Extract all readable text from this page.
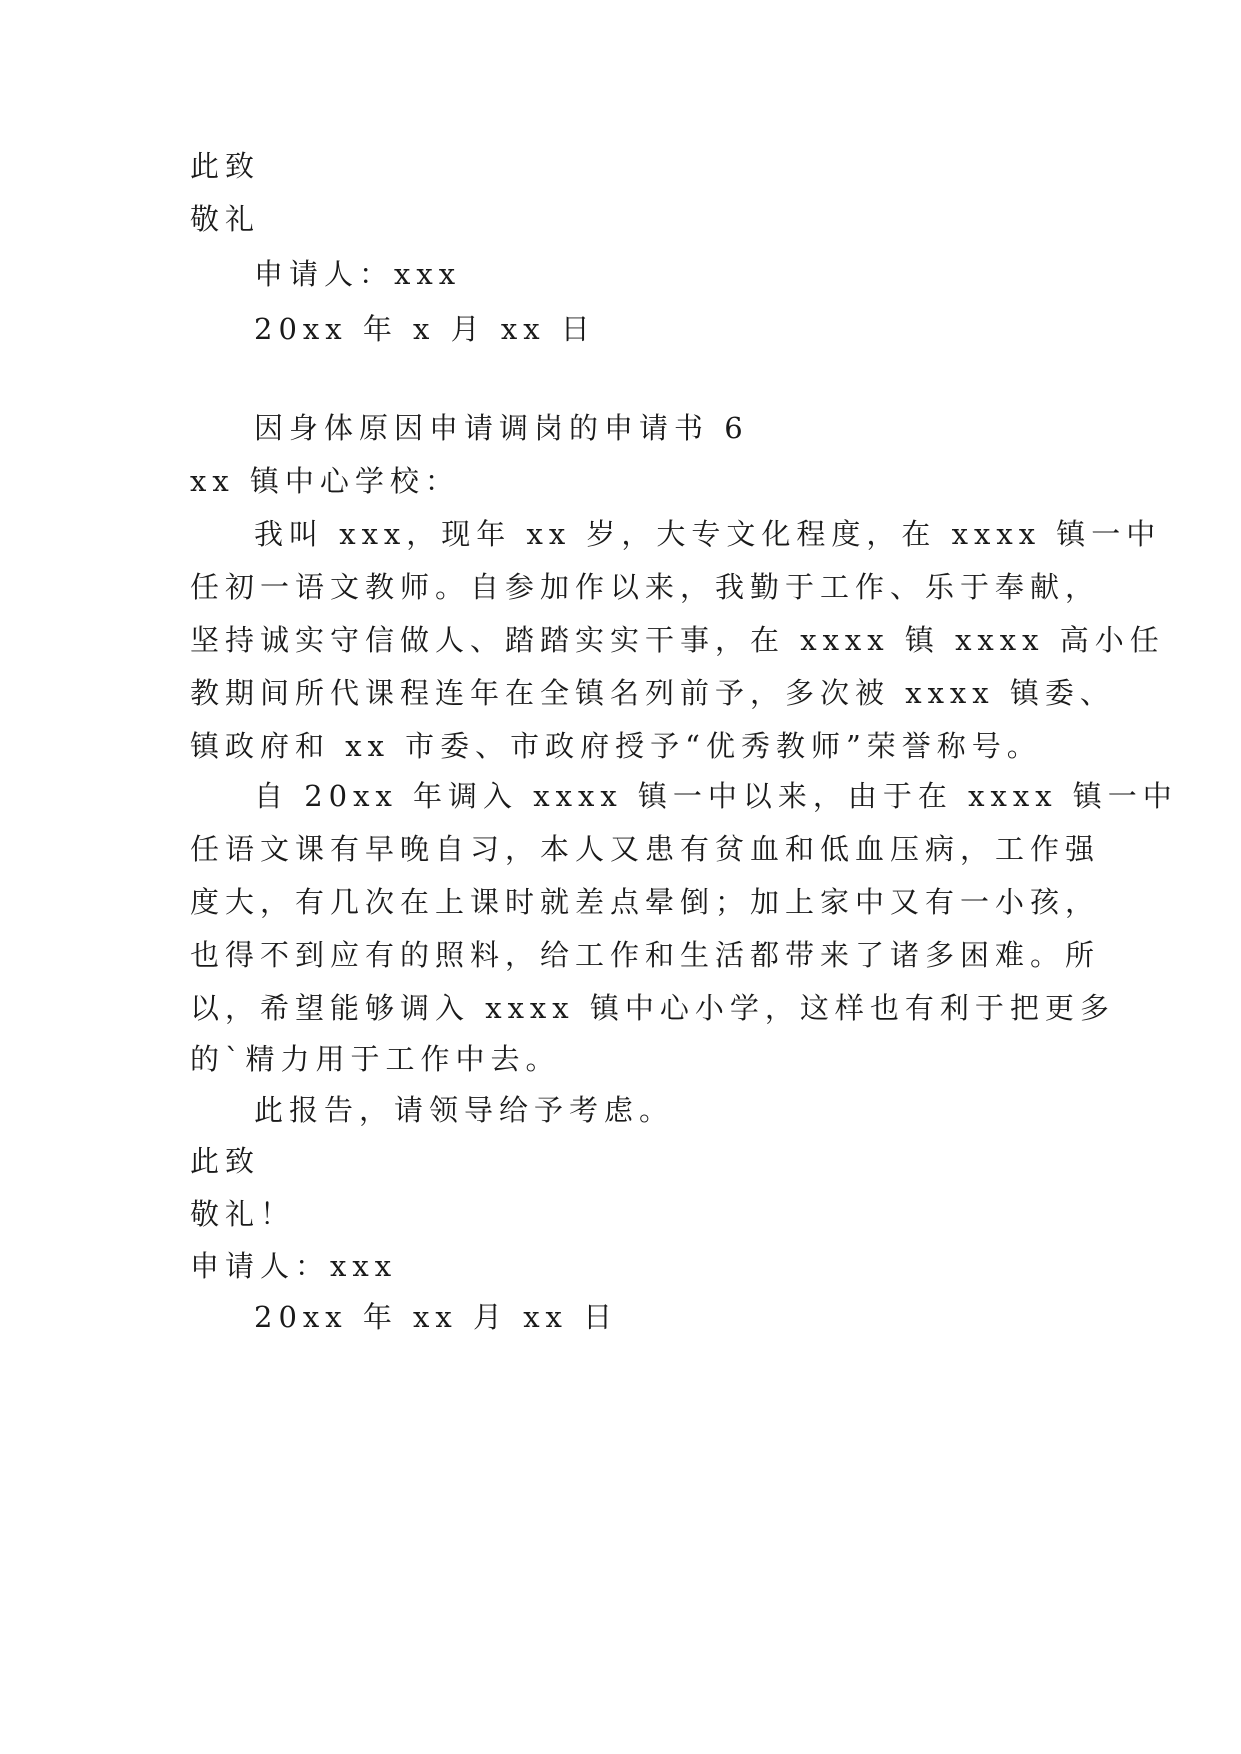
此致
敬礼
申请人：xxx
20xx 年 x 月 xx 日
因身体原因申请调岗的申请书 6
xx 镇中心学校：
我叫 xxx，现年 xx 岁，大专文化程度，在 xxxx 镇一中
任初一语文教师。自参加作以来，我勤于工作、乐于奉献，
坚持诚实守信做人、踏踏实实干事，在 xxxx 镇 xxxx 高小任
教期间所代课程连年在全镇名列前予，多次被 xxxx 镇委、
镇政府和 xx 市委、市政府授予“优秀教师”荣誉称号。
自 20xx 年调入 xxxx 镇一中以来，由于在 xxxx 镇一中
任语文课有早晚自习，本人又患有贫血和低血压病，工作强
度大，有几次在上课时就差点晕倒；加上家中又有一小孩，
也得不到应有的照料，给工作和生活都带来了诸多困难。所
以，希望能够调入 xxxx 镇中心小学，这样也有利于把更多
的`精力用于工作中去。
此报告，请领导给予考虑。
此致
敬礼！
申请人：xxx
20xx 年 xx 月 xx 日
